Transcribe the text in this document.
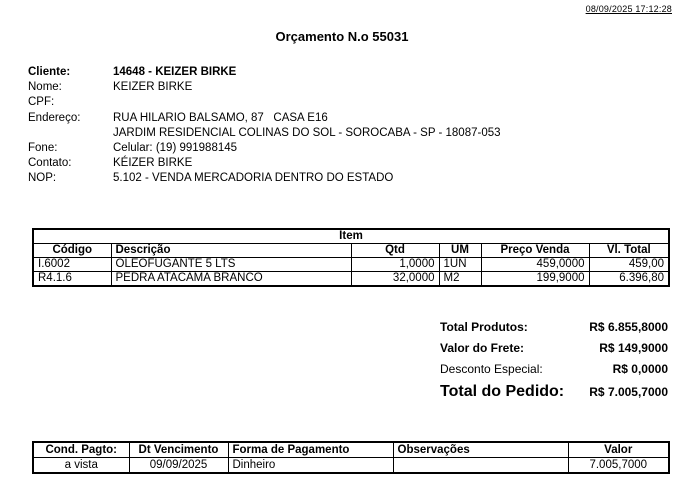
08/09/2025 17:12:28
Orçamento N.o 55031
Cliente:	14648 - KEIZER BIRKE
Nome:	KEIZER BIRKE
CPF:
Endereço:	RUA HILARIO BALSAMO, 87   CASA E16
JARDIM RESIDENCIAL COLINAS DO SOL - SOROCABA - SP - 18087-053
Fone:	Celular: (19) 991988145
Contato:	KÉIZER BIRKE
NOP:	5.102 - VENDA MERCADORIA DENTRO DO ESTADO
Item					
Código	Descrição	Qtd	UM	Preço Venda	Vl. Total
I.6002	OLEOFUGANTE 5 LTS	1,0000	1UN	459,0000	459,00
R4.1.6	PEDRA ATACAMA BRANCO	32,0000	M2	199,9000	6.396,80
Total Produtos:	R$ 6.855,8000
Valor do Frete:	R$ 149,9000
Desconto Especial:	R$ 0,0000
Total do Pedido: R$ 7.005,7000
Cond. Pagto:	Dt Vencimento	Forma de Pagamento	Observações	Valor
a vista	09/09/2025	Dinheiro		7.005,7000
